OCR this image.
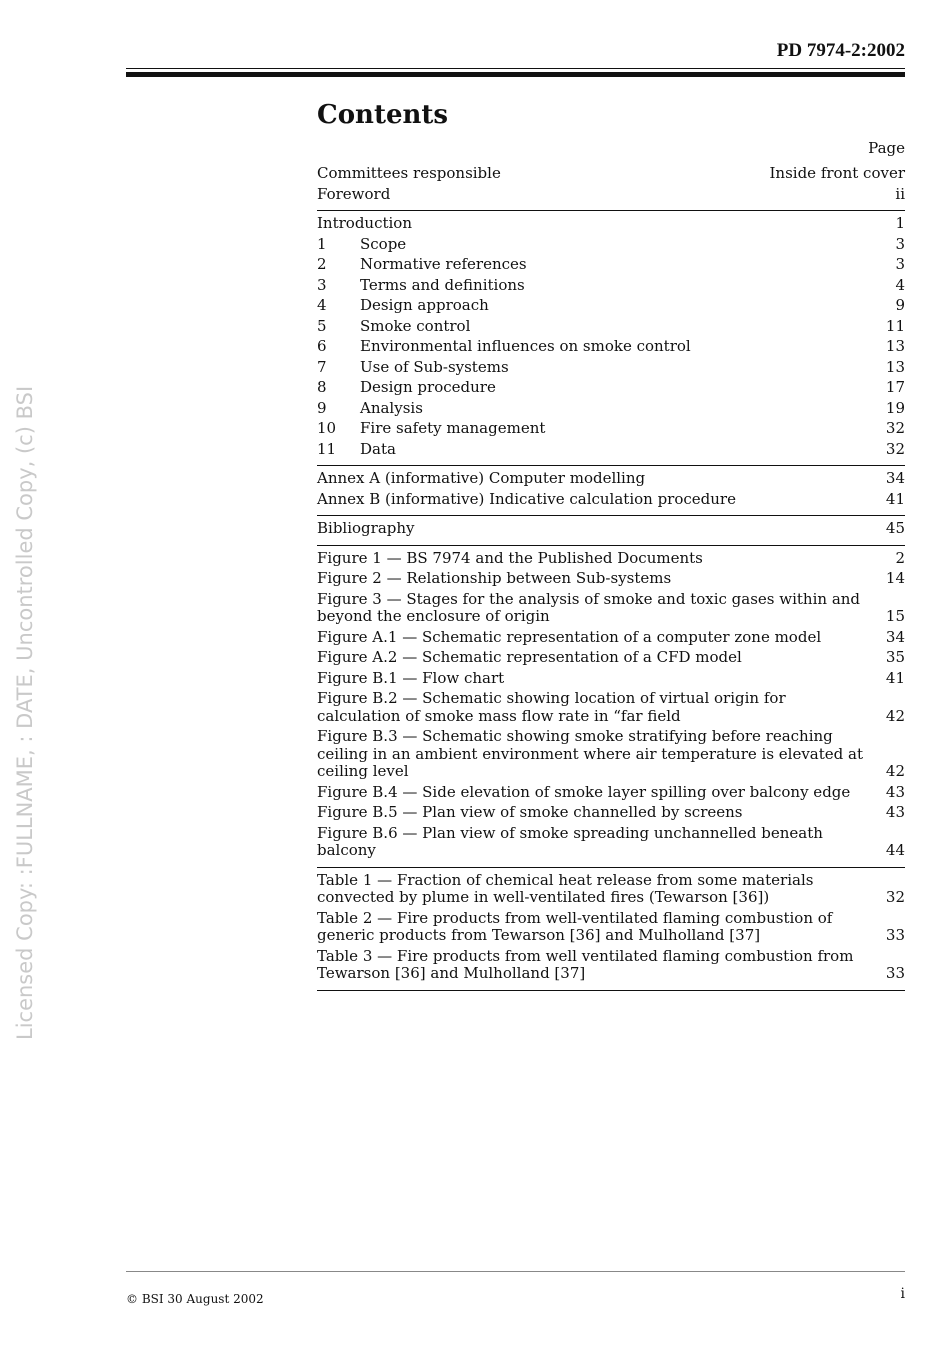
PD 7974-2:2002
Licensed Copy: :FULLNAME, : DATE, Uncontrolled Copy, (c) BSI
Contents
Page
Committees responsible	Inside front cover
Foreword	ii
Introduction	1
1	Scope	3
2	Normative references	3
3	Terms and definitions	4
4	Design approach	9
5	Smoke control	11
6	Environmental influences on smoke control	13
7	Use of Sub-systems	13
8	Design procedure	17
9	Analysis	19
10	Fire safety management	32
11	Data	32
Annex A (informative) Computer modelling	34
Annex B (informative) Indicative calculation procedure	41
Bibliography	45
Figure 1 — BS 7974 and the Published Documents	2
Figure 2 — Relationship between Sub-systems	14
Figure 3 — Stages for the analysis of smoke and toxic gases within and beyond the enclosure of origin	15
Figure A.1 — Schematic representation of a computer zone model	34
Figure A.2 — Schematic representation of a CFD model	35
Figure B.1 — Flow chart	41
Figure B.2 — Schematic showing location of virtual origin for calculation of smoke mass flow rate in “far field	42
Figure B.3 — Schematic showing smoke stratifying before reaching ceiling in an ambient environment where air temperature is elevated at ceiling level	42
Figure B.4 — Side elevation of smoke layer spilling over balcony edge	43
Figure B.5 — Plan view of smoke channelled by screens	43
Figure B.6 — Plan view of smoke spreading unchannelled beneath balcony	44
Table 1 — Fraction of chemical heat release from some materials convected by plume in well-ventilated fires (Tewarson [36])	32
Table 2 — Fire products from well-ventilated flaming combustion of generic products from Tewarson [36] and Mulholland [37]	33
Table 3 — Fire products from well ventilated flaming combustion from Tewarson [36] and Mulholland [37]	33
© BSI 30 August 2002	i
